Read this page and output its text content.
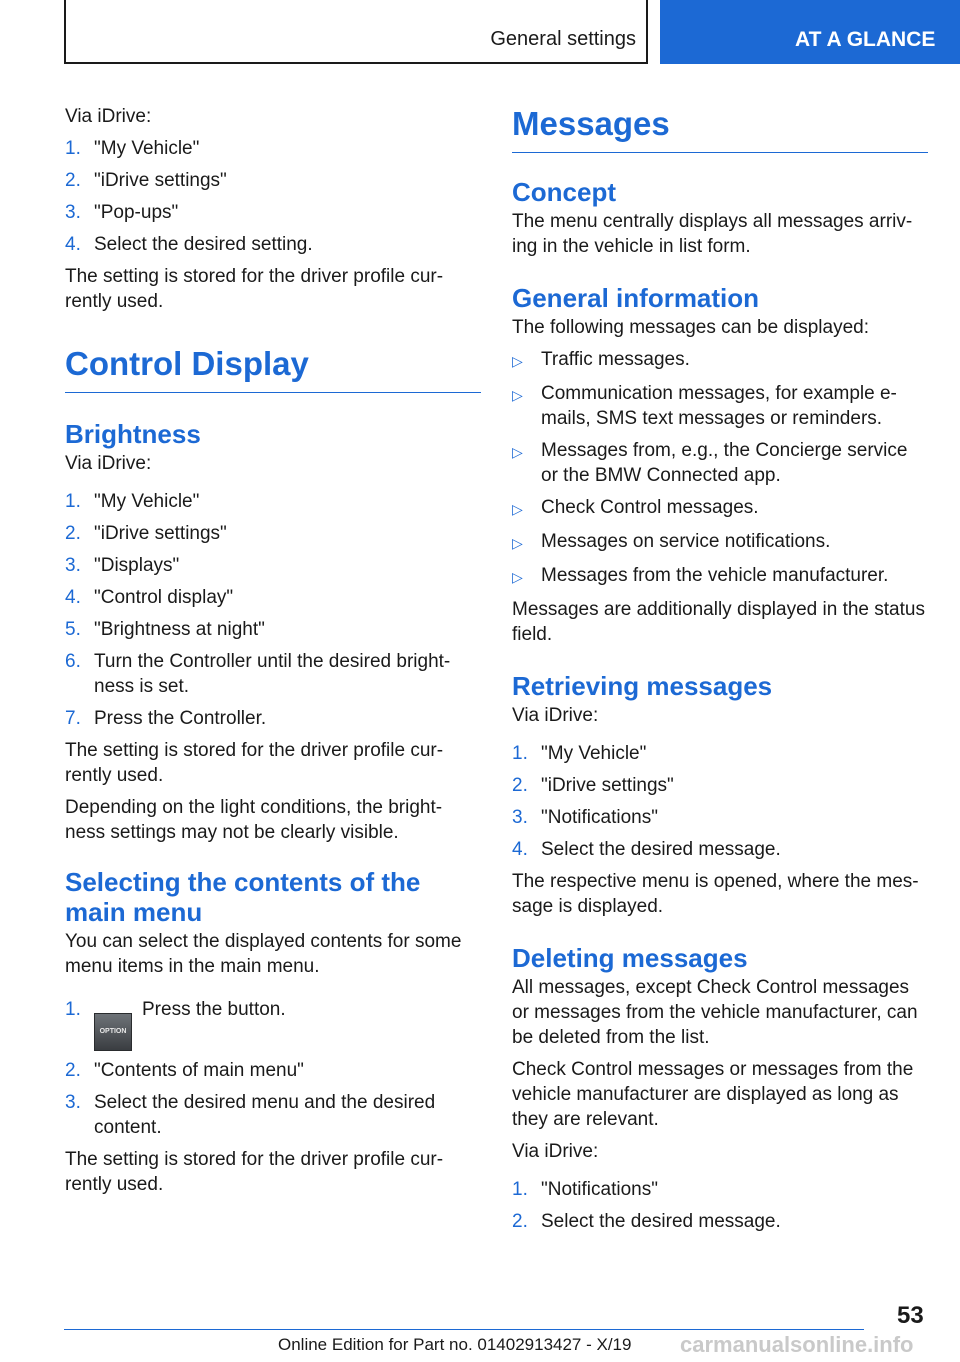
General settings	AT A GLANCE

Via iDrive:

1. "My Vehicle"
2. "iDrive settings"
3. "Pop-ups"
4. Select the desired setting.

The setting is stored for the driver profile cur-rently used.

Control Display
Brightness

Via iDrive:

1. "My Vehicle"
2. "iDrive settings"
3. "Displays"
4. "Control display"
5. "Brightness at night"
6. Turn the Controller until the desired bright-ness is set.
7. Press the Controller.

The setting is stored for the driver profile cur-rently used.

Depending on the light conditions, the bright-ness settings may not be clearly visible.

Selecting the contents of the main menu

You can select the displayed contents for some menu items in the main menu.

1.
OPTIONPress the button.
2. "Contents of main menu"
3. Select the desired menu and the desired content.

The setting is stored for the driver profile cur-rently used.

Messages
Concept

The menu centrally displays all messages arriv-ing in the vehicle in list form.

General information

The following messages can be displayed:

▷ Traffic messages.
▷ Communication messages, for example e-mails, SMS text messages or reminders.
▷ Messages from, e.g., the Concierge service or the BMW Connected app.
▷ Check Control messages.
▷ Messages on service notifications.
▷ Messages from the vehicle manufacturer.

Messages are additionally displayed in the status field.

Retrieving messages

Via iDrive:

1. "My Vehicle"
2. "iDrive settings"
3. "Notifications"
4. Select the desired message.

The respective menu is opened, where the mes-sage is displayed.

Deleting messages

All messages, except Check Control messages or messages from the vehicle manufacturer, can be deleted from the list.

Check Control messages or messages from the vehicle manufacturer are displayed as long as they are relevant.

Via iDrive:

1. "Notifications"
2. Select the desired message.
53
carmanualsonline.info
Online Edition for Part no. 01402913427 - X/19
